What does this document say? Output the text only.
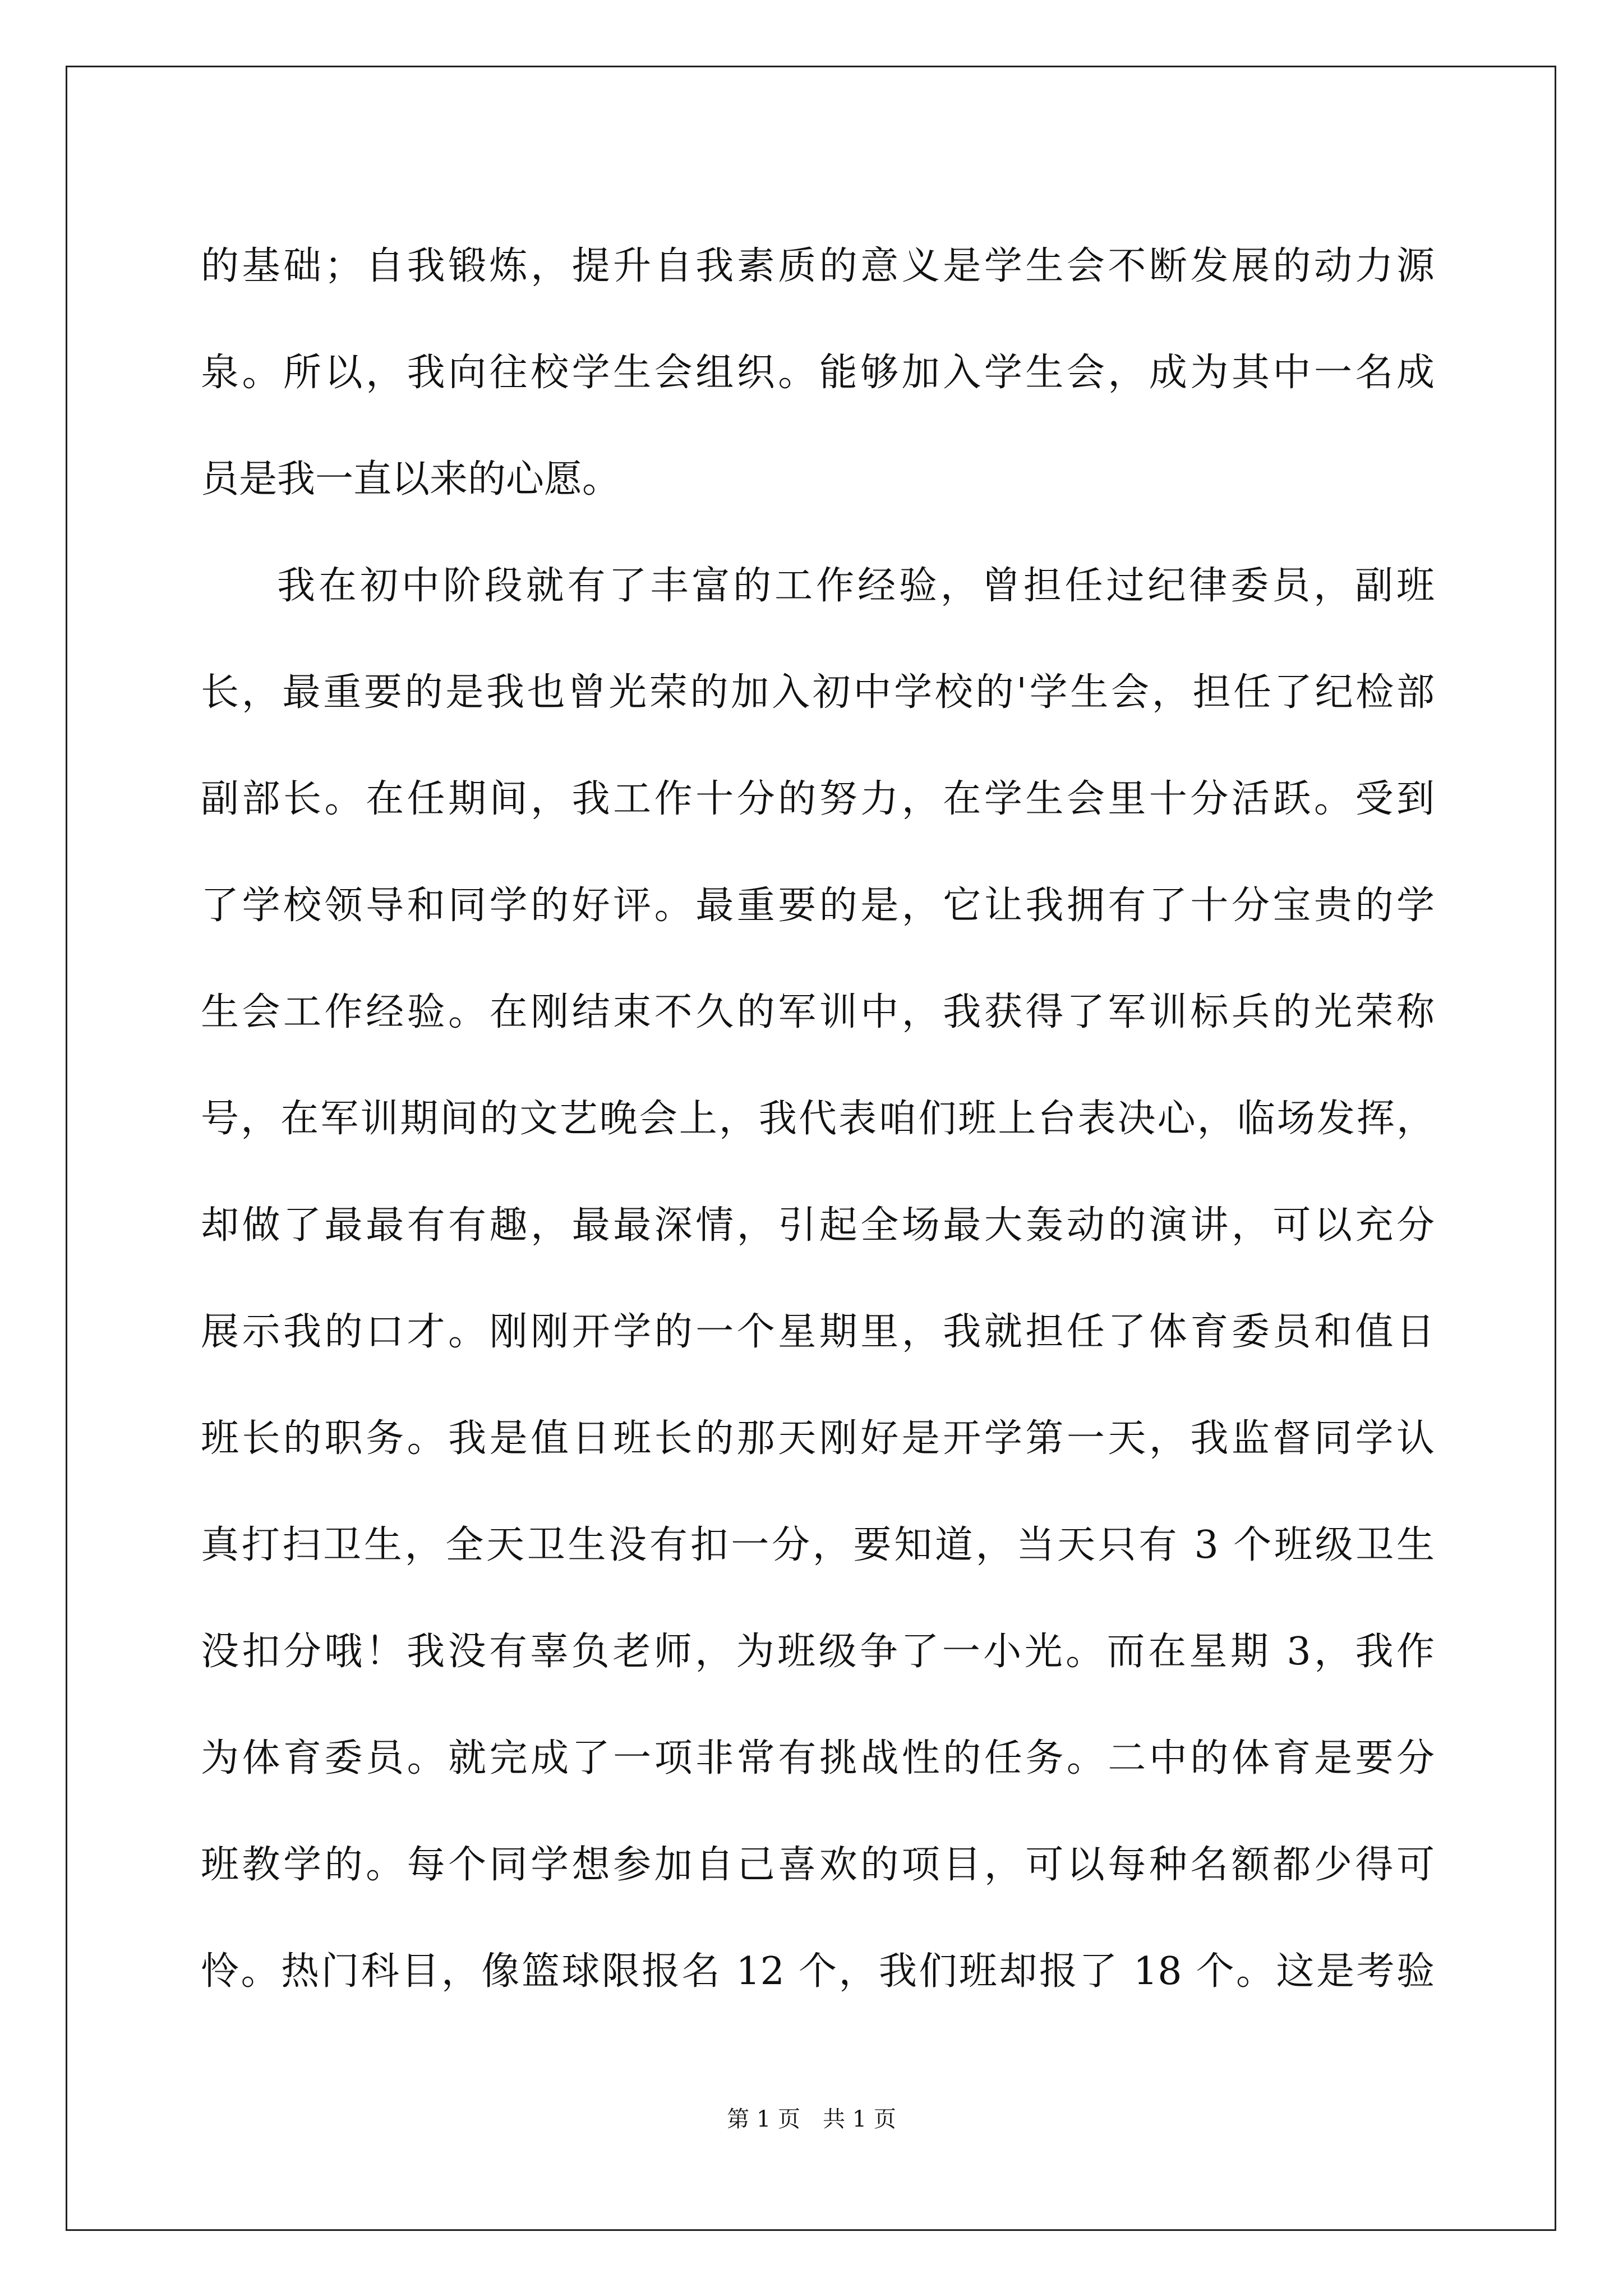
的基础；自我锻炼，提升自我素质的意义是学生会不断发展的动力源
泉。所以，我向往校学生会组织。能够加入学生会，成为其中一名成
员是我一直以来的心愿。
我在初中阶段就有了丰富的工作经验，曾担任过纪律委员，副班
长，最重要的是我也曾光荣的加入初中学校的'学生会，担任了纪检部
副部长。在任期间，我工作十分的努力，在学生会里十分活跃。受到
了学校领导和同学的好评。最重要的是，它让我拥有了十分宝贵的学
生会工作经验。在刚结束不久的军训中，我获得了军训标兵的光荣称
号，在军训期间的文艺晚会上，我代表咱们班上台表决心，临场发挥，
却做了最最有有趣，最最深情，引起全场最大轰动的演讲，可以充分
展示我的口才。刚刚开学的一个星期里，我就担任了体育委员和值日
班长的职务。我是值日班长的那天刚好是开学第一天，我监督同学认
真打扫卫生，全天卫生没有扣一分，要知道，当天只有 3 个班级卫生
没扣分哦！我没有辜负老师，为班级争了一小光。而在星期 3，我作
为体育委员。就完成了一项非常有挑战性的任务。二中的体育是要分
班教学的。每个同学想参加自己喜欢的项目，可以每种名额都少得可
怜。热门科目，像篮球限报名 12 个，我们班却报了 18 个。这是考验
第 1 页　共 1 页
